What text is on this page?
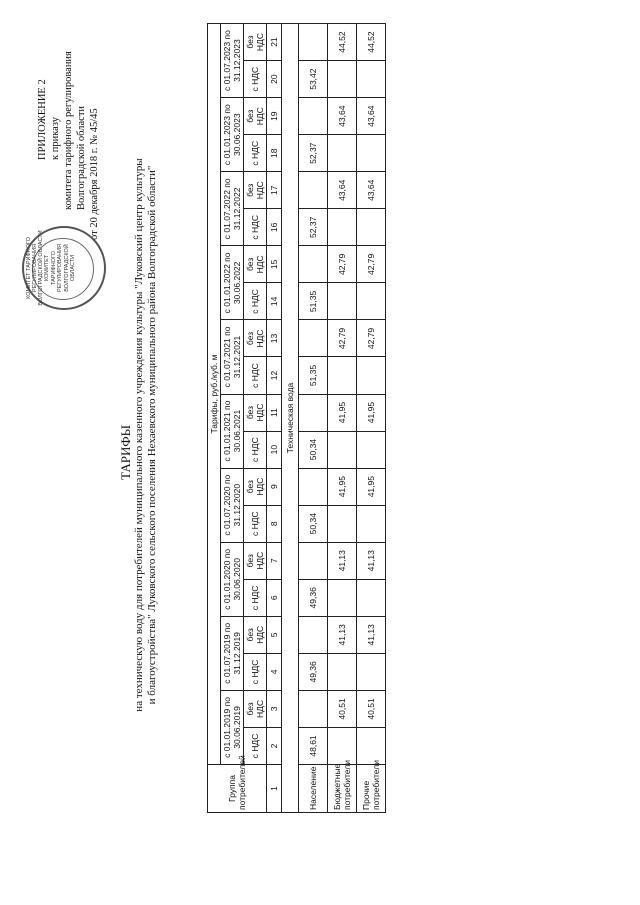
ПРИЛОЖЕНИЕ 2 к приказу комитета тарифного регулирования Волгоградской области от 20 декабря 2018 г. № 45/45
КОМИТЕТ ТАРИФНОГО РЕГУЛИРОВАНИЯ ВОЛГОГРАДСКОЙ ОБЛАСТИ КОМИТЕТ ТАРИФНОГО РЕГУЛИРОВАНИЯ ВОЛГОГРАДСКОЙ ОБЛАСТИ
ТАРИФЫ на техническую воду для потребителей муниципального казенного учреждения культуры "Луковский центр культуры и благоустройства" Луковского сельского поселения Нехаевского муниципального района Волгоградской области"
Группа потребителей	Тарифы, руб./куб. м																			
	с 01.01.2019 по 30.06.2019		с 01.07.2019 по 31.12.2019		с 01.01.2020 по 30.06.2020		с 01.07.2020 по 31.12.2020		с 01.01.2021 по 30.06.2021		с 01.07.2021 по 31.12.2021		с 01.01.2022 по 30.06.2022		с 01.07.2022 по 31.12.2022		с 01.01.2023 по 30.06.2023		с 01.07.2023 по 31.12.2023	
	с НДС	без НДС	с НДС	без НДС	с НДС	без НДС	с НДС	без НДС	с НДС	без НДС	с НДС	без НДС	с НДС	без НДС	с НДС	без НДС	с НДС	без НДС	с НДС	без НДС
1	2	3	4	5	6	7	8	9	10	11	12	13	14	15	16	17	18	19	20	21
Техническая вода																				
Население	48,61		49,36		49,36		50,34		50,34		51,35		51,35		52,37		52,37		53,42	
Бюджетные потребители		40,51		41,13		41,13		41,95		41,95		42,79		42,79		43,64		43,64		44,52
Прочие потребители		40,51		41,13		41,13		41,95		41,95		42,79		42,79		43,64		43,64		44,52
